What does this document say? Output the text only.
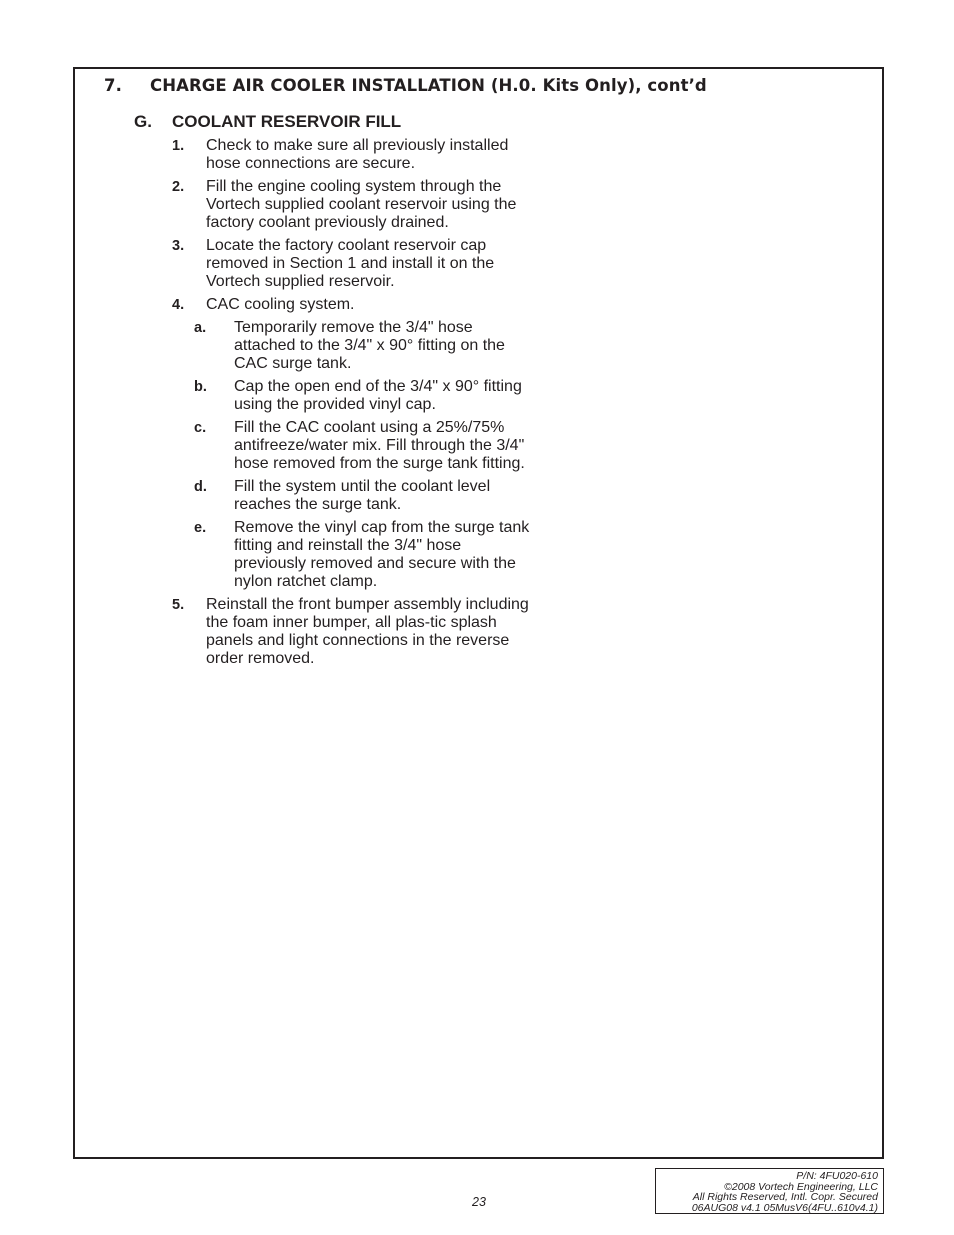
7. CHARGE AIR COOLER INSTALLATION (H.0. Kits Only), cont’d
G. COOLANT RESERVOIR FILL
1. Check to make sure all previously installed hose connections are secure.
2. Fill the engine cooling system through the Vortech supplied coolant reservoir using the factory coolant previously drained.
3. Locate the factory coolant reservoir cap removed in Section 1 and install it on the Vortech supplied reservoir.
4. CAC cooling system.
a. Temporarily remove the 3/4" hose attached to the 3/4" x 90° fitting on the CAC surge tank.
b. Cap the open end of the 3/4" x 90° fitting using the provided vinyl cap.
c. Fill the CAC coolant using a 25%/75% antifreeze/water mix. Fill through the 3/4" hose removed from the surge tank fitting.
d. Fill the system until the coolant level reaches the surge tank.
e. Remove the vinyl cap from the surge tank fitting and reinstall the 3/4" hose previously removed and secure with the nylon ratchet clamp.
5. Reinstall the front bumper assembly including the foam inner bumper, all plas-tic splash panels and light connections in the reverse order removed.
23
P/N: 4FU020-610
©2008 Vortech Engineering, LLC
All Rights Reserved, Intl. Copr. Secured
06AUG08 v4.1 05MusV6(4FU..610v4.1)
